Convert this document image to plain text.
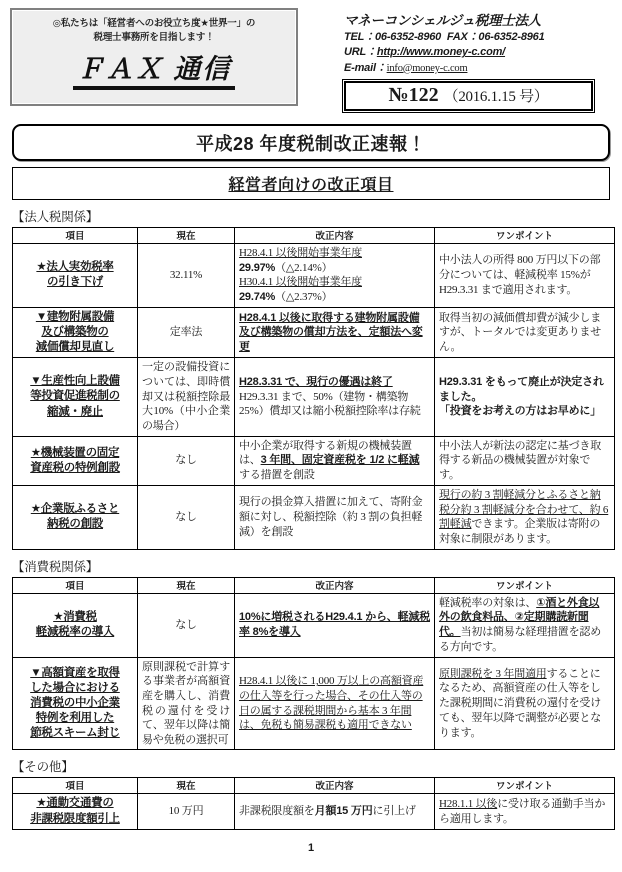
◎私たちは「経営者へのお役立ち度★世界一」の
税理士事務所を目指します！
ＦＡＸ 通信
マネーコンシェルジュ税理士法人
TEL：06-6352-8960 FAX：06-6352-8961
URL：http://www.money-c.com/
E-mail：info@money-c.com
№122 （2016.1.15 号）
平成28 年度税制改正速報！
経営者向けの改正項目
【法人税関係】
項目	現在	改正内容	ワンポイント
★法人実効税率
の引き下げ	32.11%	H28.4.1 以後開始事業年度
29.97%（△2.14%）
H30.4.1 以後開始事業年度
29.74%（△2.37%）	中小法人の所得 800 万円以下の部分については、軽減税率 15%がH29.3.31 まで適用されます。
▼建物附属設備
及び構築物の
減価償却見直し	定率法	H28.4.1 以後に取得する建物附属設備及び構築物の償却方法を、定額法へ変更	取得当初の減価償却費が減少しますが、トータルでは変更ありません。
▼生産性向上設備
等投資促進税制の
縮減・廃止	一定の設備投資については、即時償却又は税額控除最大10%（中小企業の場合）	H28.3.31 で、現行の優遇は終了
H29.3.31 まで、50%（建物・構築物25%）償却又は縮小税額控除率は存続	H29.3.31 をもって廃止が決定されました。
「投資をお考えの方はお早めに」
★機械装置の固定
資産税の特例創設	なし	中小企業が取得する新規の機械装置は、3 年間、固定資産税を 1/2 に軽減する措置を創設	中小法人が新法の認定に基づき取得する新品の機械装置が対象です。
★企業版ふるさと
納税の創設	なし	現行の損金算入措置に加えて、寄附金額に対し、税額控除（約 3 割の負担軽減）を創設	現行の約 3 割軽減分とふるさと納税分約 3 割軽減分を合わせて、約 6 割軽減できます。企業版は寄附の対象に制限があります。
【消費税関係】
項目	現在	改正内容	ワンポイント
★消費税
軽減税率の導入	なし	10%に増税されるH29.4.1 から、軽減税率 8%を導入	軽減税率の対象は、①酒と外食以外の飲食料品、②定期購読新聞代。当初は簡易な経理措置を認める方向です。
▼高額資産を取得
した場合における
消費税の中小企業
特例を利用した
節税スキーム封じ	原則課税で計算する事業者が高額資産を購入し、消費税の還付を受けて、翌年以降は簡易や免税の選択可	H28.4.1 以後に 1,000 万以上の高額資産の仕入等を行った場合、その仕入等の日の属する課税期間から基本 3 年間は、免税も簡易課税も適用できない	原則課税を 3 年間適用することになるため、高額資産の仕入等をした課税期間に消費税の還付を受けても、翌年以降で調整が必要となります。
【その他】
項目	現在	改正内容	ワンポイント
★通勤交通費の
非課税限度額引上	10 万円	非課税限度額を月額15 万円に引上げ	H28.1.1 以後に受け取る通勤手当から適用します。
1
